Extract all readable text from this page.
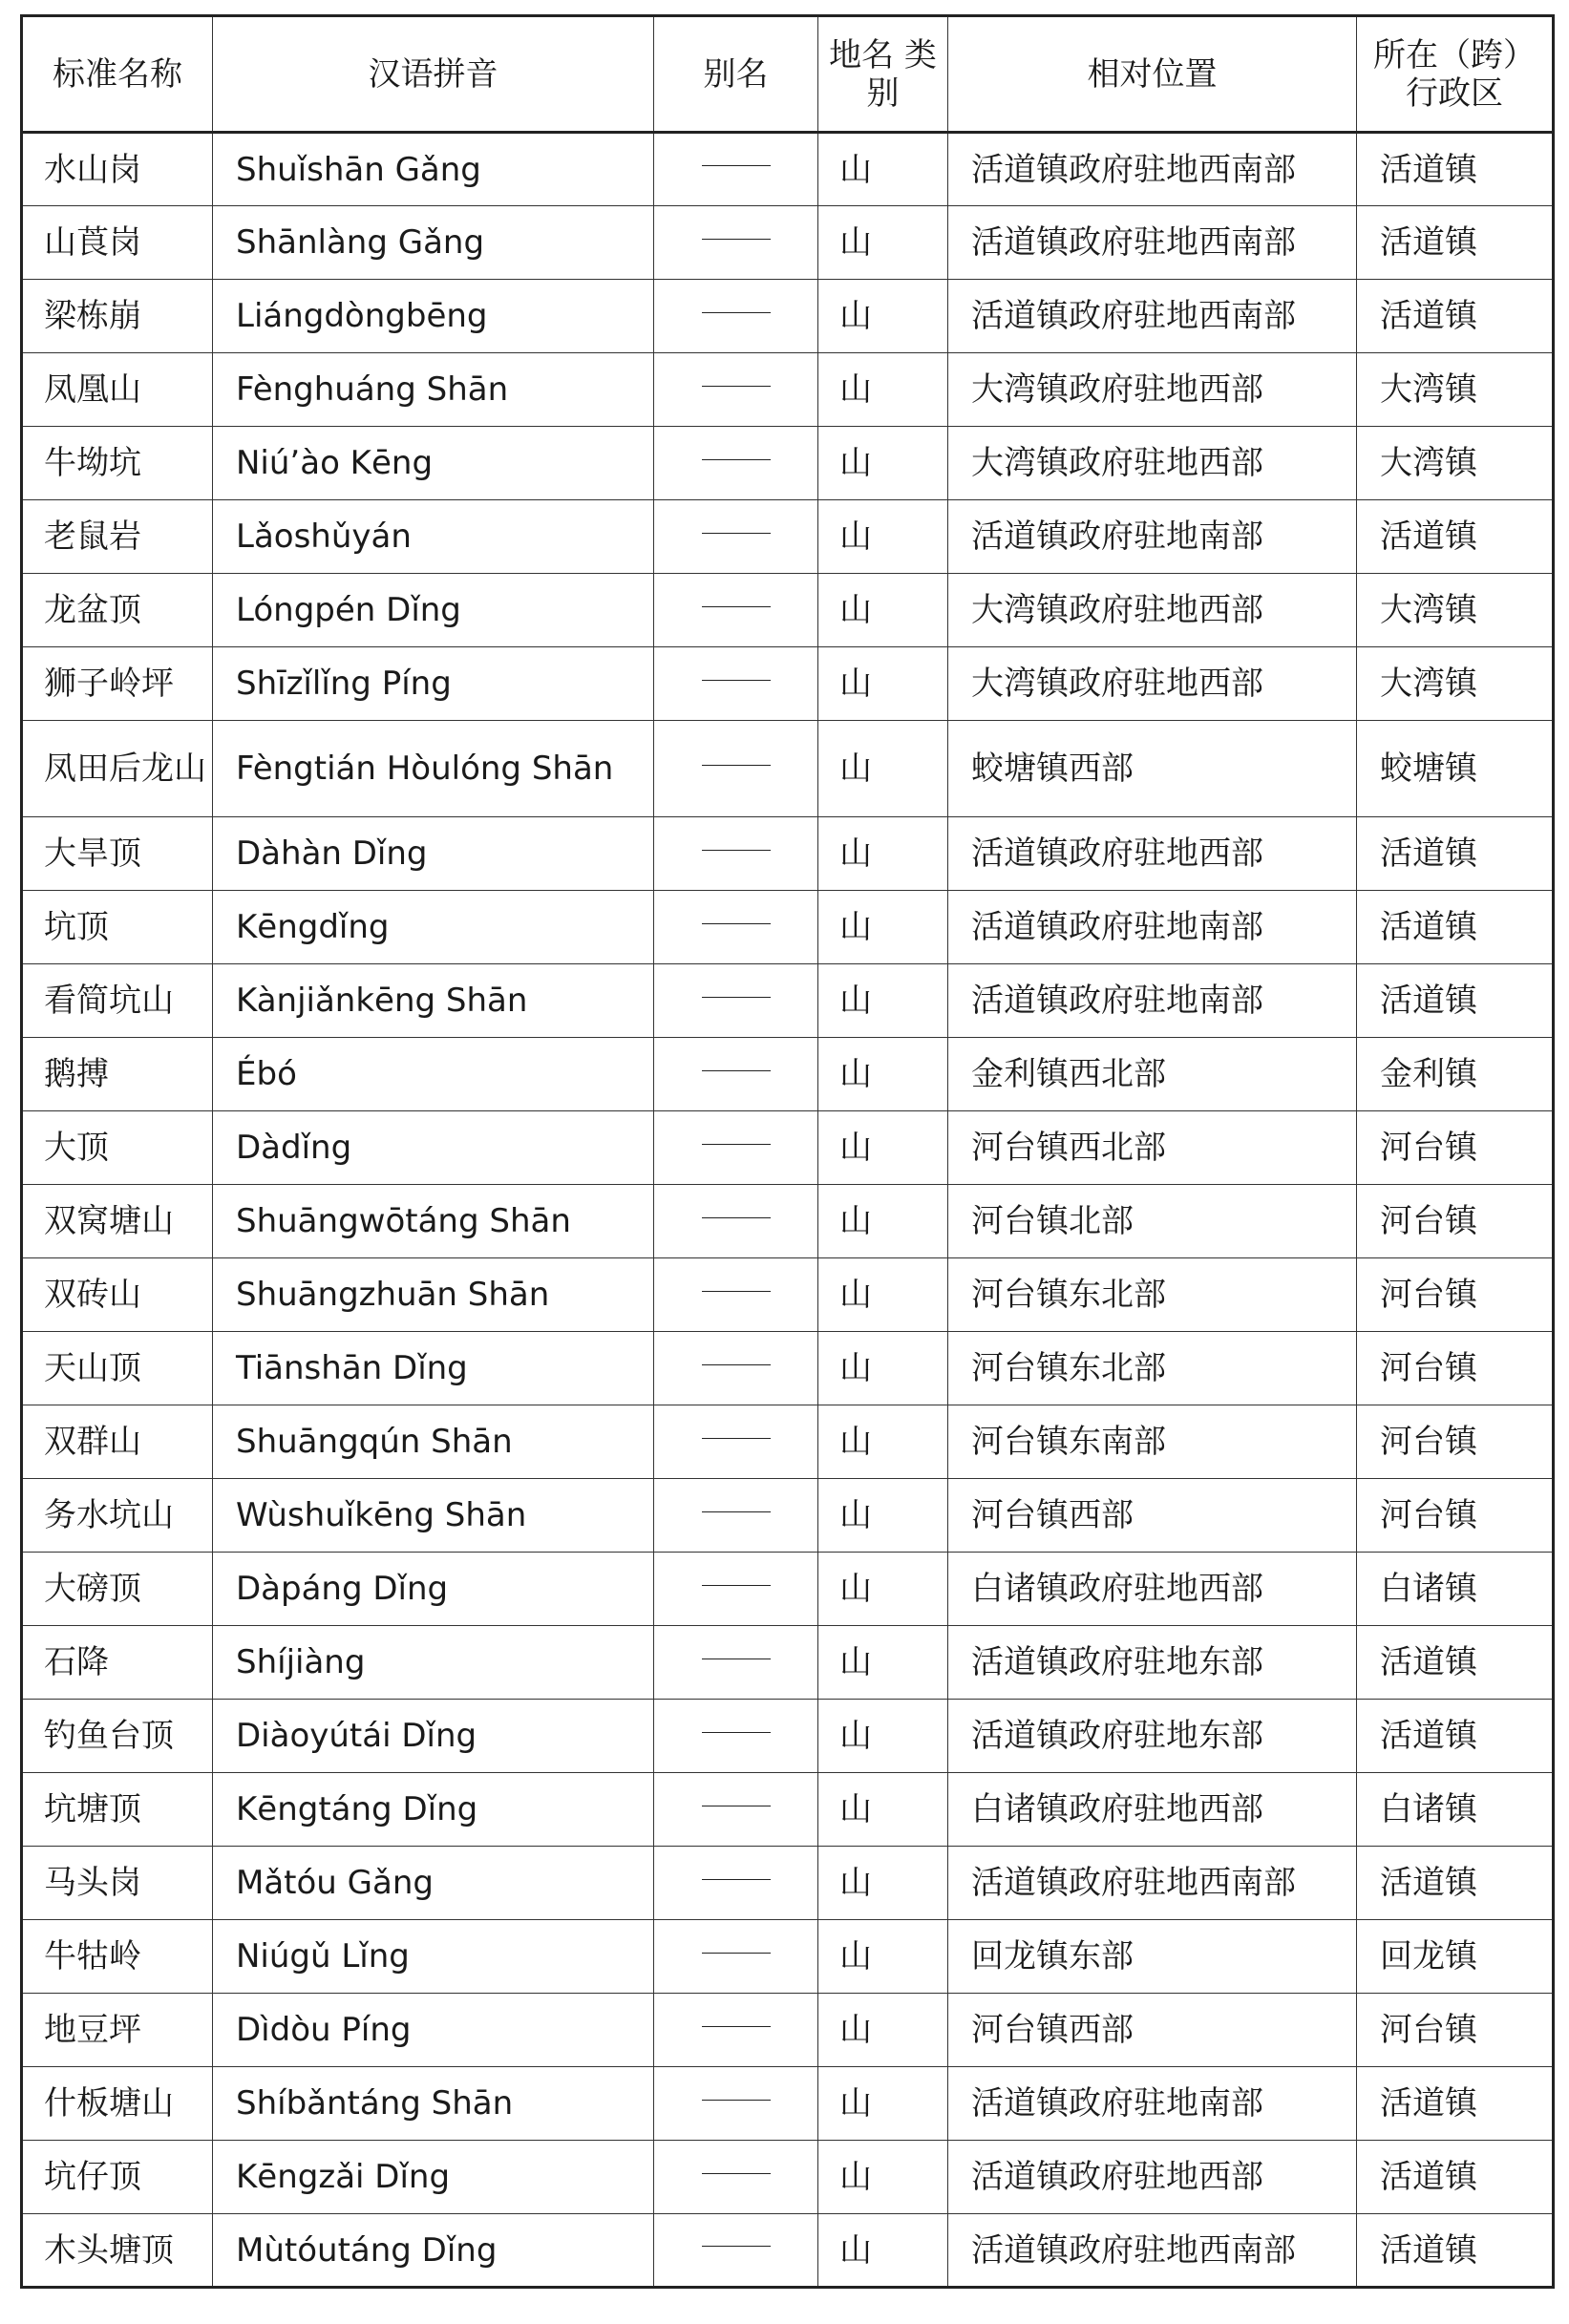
标准名称	汉语拼音	别名	地名 类别	相对位置	所在（跨） 行政区
水山岗	Shuǐshān Gǎng		山	活道镇政府驻地西南部	活道镇
山莨岗	Shānlàng Gǎng		山	活道镇政府驻地西南部	活道镇
梁栋崩	Liángdòngbēng		山	活道镇政府驻地西南部	活道镇
凤凰山	Fènghuáng Shān		山	大湾镇政府驻地西部	大湾镇
牛坳坑	Niú’ào Kēng		山	大湾镇政府驻地西部	大湾镇
老鼠岩	Lǎoshǔyán		山	活道镇政府驻地南部	活道镇
龙盆顶	Lóngpén Dǐng		山	大湾镇政府驻地西部	大湾镇
狮子岭坪	Shīzǐlǐng Píng		山	大湾镇政府驻地西部	大湾镇
凤田后龙山	Fèngtián Hòulóng Shān		山	蛟塘镇西部	蛟塘镇
大旱顶	Dàhàn Dǐng		山	活道镇政府驻地西部	活道镇
坑顶	Kēngdǐng		山	活道镇政府驻地南部	活道镇
看简坑山	Kànjiǎnkēng Shān		山	活道镇政府驻地南部	活道镇
鹅搏	Ébó		山	金利镇西北部	金利镇
大顶	Dàdǐng		山	河台镇西北部	河台镇
双窝塘山	Shuāngwōtáng Shān		山	河台镇北部	河台镇
双砖山	Shuāngzhuān Shān		山	河台镇东北部	河台镇
天山顶	Tiānshān Dǐng		山	河台镇东北部	河台镇
双群山	Shuāngqún Shān		山	河台镇东南部	河台镇
务水坑山	Wùshuǐkēng Shān		山	河台镇西部	河台镇
大磅顶	Dàpáng Dǐng		山	白诸镇政府驻地西部	白诸镇
石降	Shíjiàng		山	活道镇政府驻地东部	活道镇
钓鱼台顶	Diàoyútái Dǐng		山	活道镇政府驻地东部	活道镇
坑塘顶	Kēngtáng Dǐng		山	白诸镇政府驻地西部	白诸镇
马头岗	Mǎtóu Gǎng		山	活道镇政府驻地西南部	活道镇
牛牯岭	Niúgǔ Lǐng		山	回龙镇东部	回龙镇
地豆坪	Dìdòu Píng		山	河台镇西部	河台镇
什板塘山	Shíbǎntáng Shān		山	活道镇政府驻地南部	活道镇
坑仔顶	Kēngzǎi Dǐng		山	活道镇政府驻地西部	活道镇
木头塘顶	Mùtóutáng Dǐng		山	活道镇政府驻地西南部	活道镇
